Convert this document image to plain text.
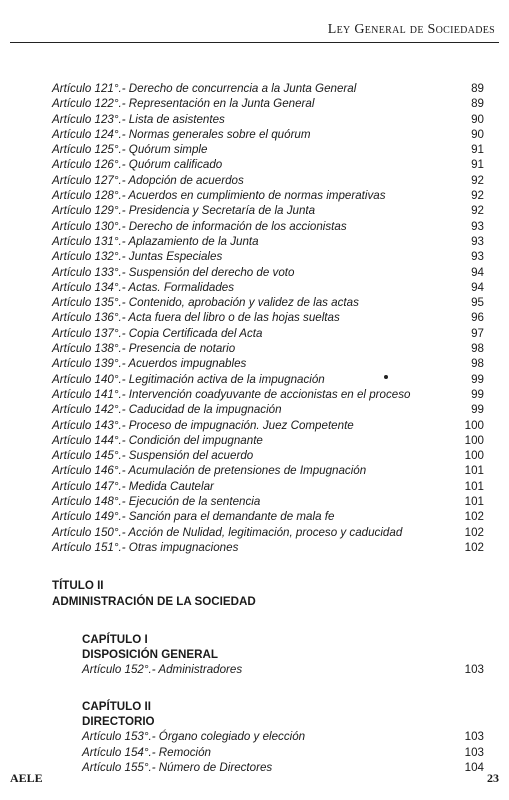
Ley General de Sociedades
Artículo 121°.- Derecho de concurrencia a la Junta General	89
Artículo 122°.- Representación en la Junta General	89
Artículo 123°.- Lista de asistentes	90
Artículo 124°.- Normas generales sobre el quórum	90
Artículo 125°.- Quórum simple	91
Artículo 126°.- Quórum calificado	91
Artículo 127°.- Adopción de acuerdos	92
Artículo 128°.- Acuerdos en cumplimiento de normas imperativas	92
Artículo 129°.- Presidencia y Secretaría de la Junta	92
Artículo 130°.- Derecho de información de los accionistas	93
Artículo 131°.- Aplazamiento de la Junta	93
Artículo 132°.- Juntas Especiales	93
Artículo 133°.- Suspensión del derecho de voto	94
Artículo 134°.- Actas. Formalidades	94
Artículo 135°.- Contenido, aprobación y validez de las actas	95
Artículo 136°.- Acta fuera del libro o de las hojas sueltas	96
Artículo 137°.- Copia Certificada del Acta	97
Artículo 138°.- Presencia de notario	98
Artículo 139°.- Acuerdos impugnables	98
Artículo 140°.- Legitimación activa de la impugnación	99
Artículo 141°.- Intervención coadyuvante de accionistas en el proceso	99
Artículo 142°.- Caducidad de la impugnación	99
Artículo 143°.- Proceso de impugnación. Juez Competente	100
Artículo 144°.- Condición del impugnante	100
Artículo 145°.- Suspensión del acuerdo	100
Artículo 146°.- Acumulación de pretensiones de Impugnación	101
Artículo 147°.- Medida Cautelar	101
Artículo 148°.- Ejecución de la sentencia	101
Artículo 149°.- Sanción para el demandante de mala fe	102
Artículo 150°.- Acción de Nulidad, legitimación, proceso y caducidad	102
Artículo 151°.- Otras impugnaciones	102
TÍTULO II
ADMINISTRACIÓN DE LA SOCIEDAD
CAPÍTULO I
DISPOSICIÓN GENERAL
Artículo 152°.- Administradores	103
CAPÍTULO II
DIRECTORIO
Artículo 153°.- Órgano colegiado y elección	103
Artículo 154°.- Remoción	103
Artículo 155°.- Número de Directores	104
AELE	23
